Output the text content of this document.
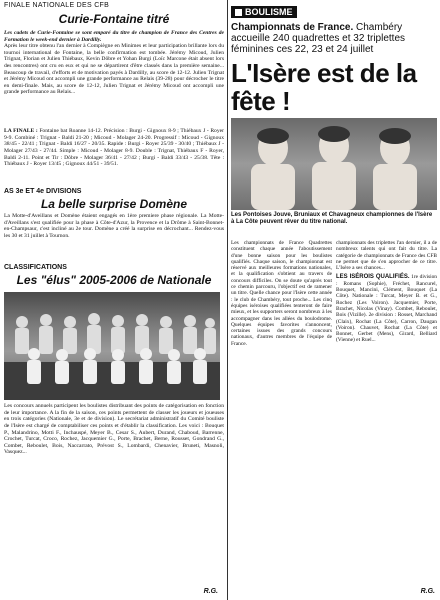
FINALE NATIONALE DES CFB
Curie-Fontaine titré

Les cadets de Curie-Fontaine se sont emparé du titre de champion de France des Centres de Formation le week-end dernier à Dardilly.

Après leur titre obtenu l'an dernier à Compiègne en Minimes et leur participation brillante lors du tournoi international de Fontaine, la belle confirmation est tombée. Jérémy Micoud, Julien Trignat, Florian et Julien Thiébaux, Kevin Dôbre et Yohan Burgi (Loïc Marcone était absent lors des rencontres) ont cru en eux et qui ne se départirent d'être classés dans la première semaine... Beaucoup de travail, d'efforts et de motivation payés à Dardilly, au score de 12-12. Julien Trignat et Jérémy Micoud ont accompli une grande performance au Relais (39-28) pour décrocher le titre en demi-finale. Mais, au score de 12-12, Julien Trignat et Jérémy Micoud ont accompli une grande performance au Relais...

LA FINALE : Fontaine bat Roanne 14-12. Précision : Burgi - Gignoux 8-9 ; Thiébaux J - Royer 9-9. Combiné : Trignat - Baldi 21-20 ; Micoud - Molager 24-20. Progressif : Micoud - Gignoux 38/45 - 22/41 ; Trignat - Baldi 16/27 - 20/35. Rapide : Burgi - Royer 25/39 - 30/40 ; Thiébaux J - Molager 27/43 - 27/44. Simple : Micoud - Molager 8-9. Double : Trignat, Thiébaux F - Royer, Baldi 2-11. Point et Tir : Dôbre - Molager 36/41 - 27/42 ; Burgi - Baldi 33/43 - 25/38. Tête : Thiébaux J - Royer 13/45 ; Gignoux 44/51 - 39/51.

AS 3e ET 4e DIVISIONS
La belle surprise Domène

La Motte-d'Aveillans et Domène étaient engagés en 1ère premiere phase régionale. La Motte-d'Aveillans s'est qualifiée pour la phase à Côte-d'Azur, la Provence et la Drôme à Saint-Bonnet-en-Champsaur, c'est incliné au 2e tour. Domène a créé la surprise en décrochant... Rendez-vous les 30 et 31 juillet à Tournon.

CLASSIFICATIONS
Les "élus" 2005-2006 de Nationale

Les concours annuels participent les boulistes distribuant des points de catégorisation en fonction de leur importance. A la fin de la saison, ces points permettent de classer les joueurs et joueuses en trois catégories (Nationale, 3e et 4e division). Le secrétariat administratif du Comité bouliste de l'Isère est chargé de comptabiliser ces points et d'établir la classification. Les voici : Bouquet P., Malandrino, Motti F., Inchauspé, Meyer B., Cesar S., Aubert, Durand, Chaboud, Barrenne, Crochet, Turcat, Croco, Rochez, Jacquemier G., Porte, Brachet, Berne, Rousset, Gondrand G., Combet, Reboulet, Bois, Naccarrato, Prévost S., Lombardi, Chenavier, Bruneti, Masnoli, Vasquez...

R.G.
BOULISME

Championnats de France. Chambéry accueille 240 quadrettes et 32 triplettes féminines ces 22, 23 et 24 juillet

L'Isère est de la fête !

Les Pontoises Jouve, Bruniaux et Chavagneux championnes de l'Isère à La Côte peuvent rêver du titre national.

Les championnats de France Quadrettes constituent chaque année l'aboutissement d'une bonne saison pour les boulistes qualifiés. Chaque saison, le championnat est réservé aux meilleures formations nationales, et la qualification s'obtient au travers de concours difficiles. On se doute qu'après tout ce chemin parcouru, l'objectif est de ramener un titre. Quelle chance pour l'Isère cette année : le club de Chambéry, tout proche... Les cinq équipes iséroises qualifiées tenteront de faire mieux, et les supporters seront nombreux à les accompagner dans les allées du boulodrome. Quelques équipes favorites s'annoncent, certaines issues des grands concours nationaux, d'autres membres de l'équipe de France.

championnats des triplettes l'an dernier, il a de nombreux talents qui ont fait du titre. La catégorie de championnats de France des CFB ne permet que de s'en approcher de ce titre. L'Isère a ses chances...

LES ISÉROIS QUALIFIÉS. 1re division : Romans (Sophie), Fréchet, Rancurel, Bouquet, Mancini, Clément, Bouquet (La Côte). Nationale : Turcat, Meyer B. et G., Rochez (Les Voiron). Jacquemier, Porte, Brachet, Nicolas (Vinay). Combet, Reboulet, Bois (Vizille). 2e division : Rosset, Marchand (Claix), Rochat (La Côte), Carron, Daugan (Voiron). Chauvet, Rochat (La Côte) et Bonnet, Gerbet (Mens), Girard, Belliard (Vienne) et Ruel...

R.G.
